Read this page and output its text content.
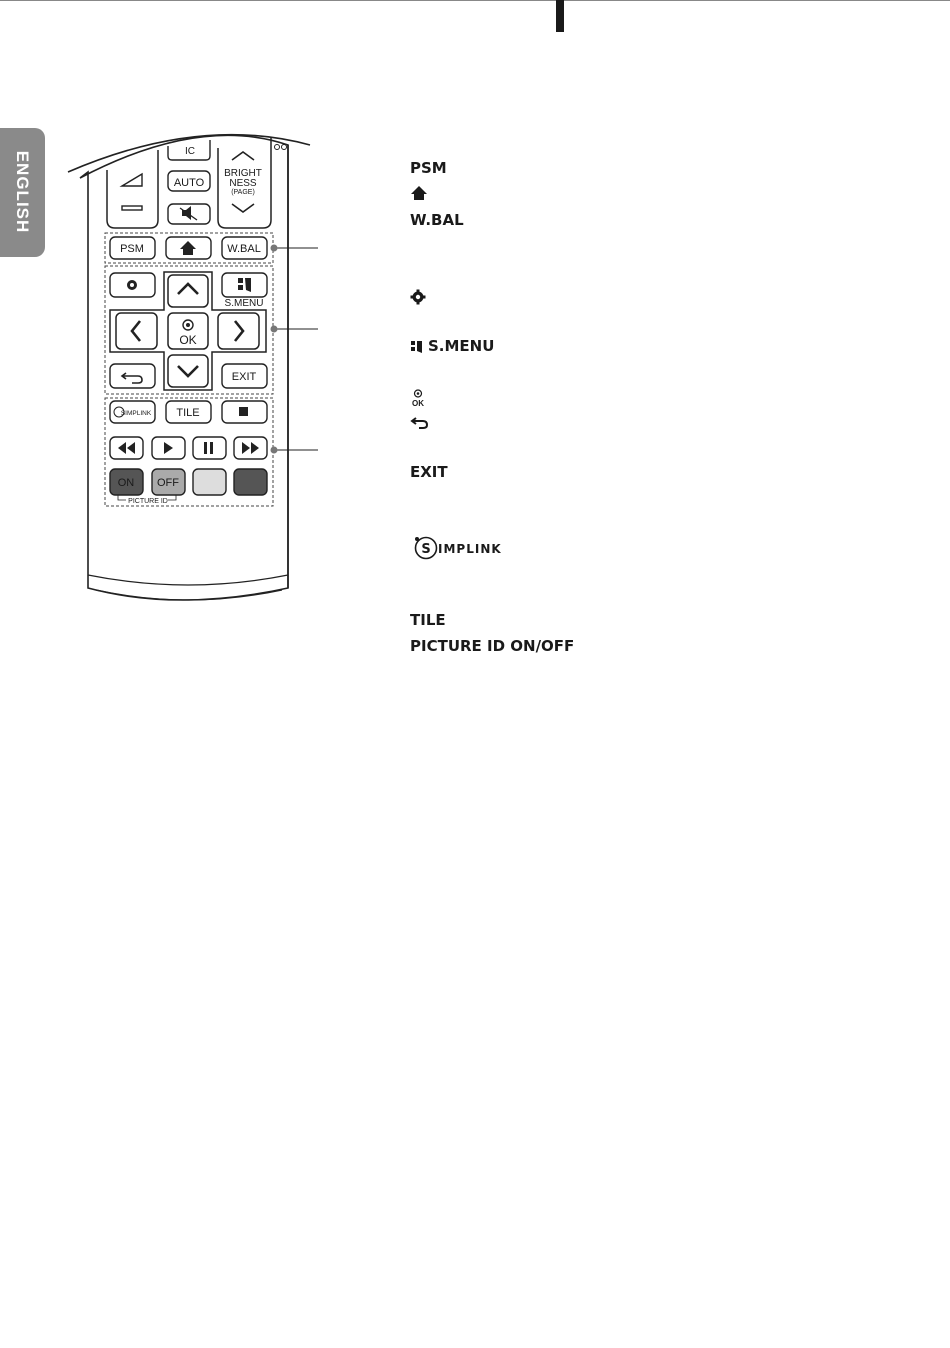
ENGLISH	IC
AUTO
BRIGHT
NESS
(PAGE)
PSM	W.BAL
S.MENU
OK
EXIT
SIMPLINK TILE
ON OFF
PICTURE ID
PSM
W.BAL
S.MENU
OK
EXIT
S IMPLINK
TILE
PICTURE ID ON/OFF
